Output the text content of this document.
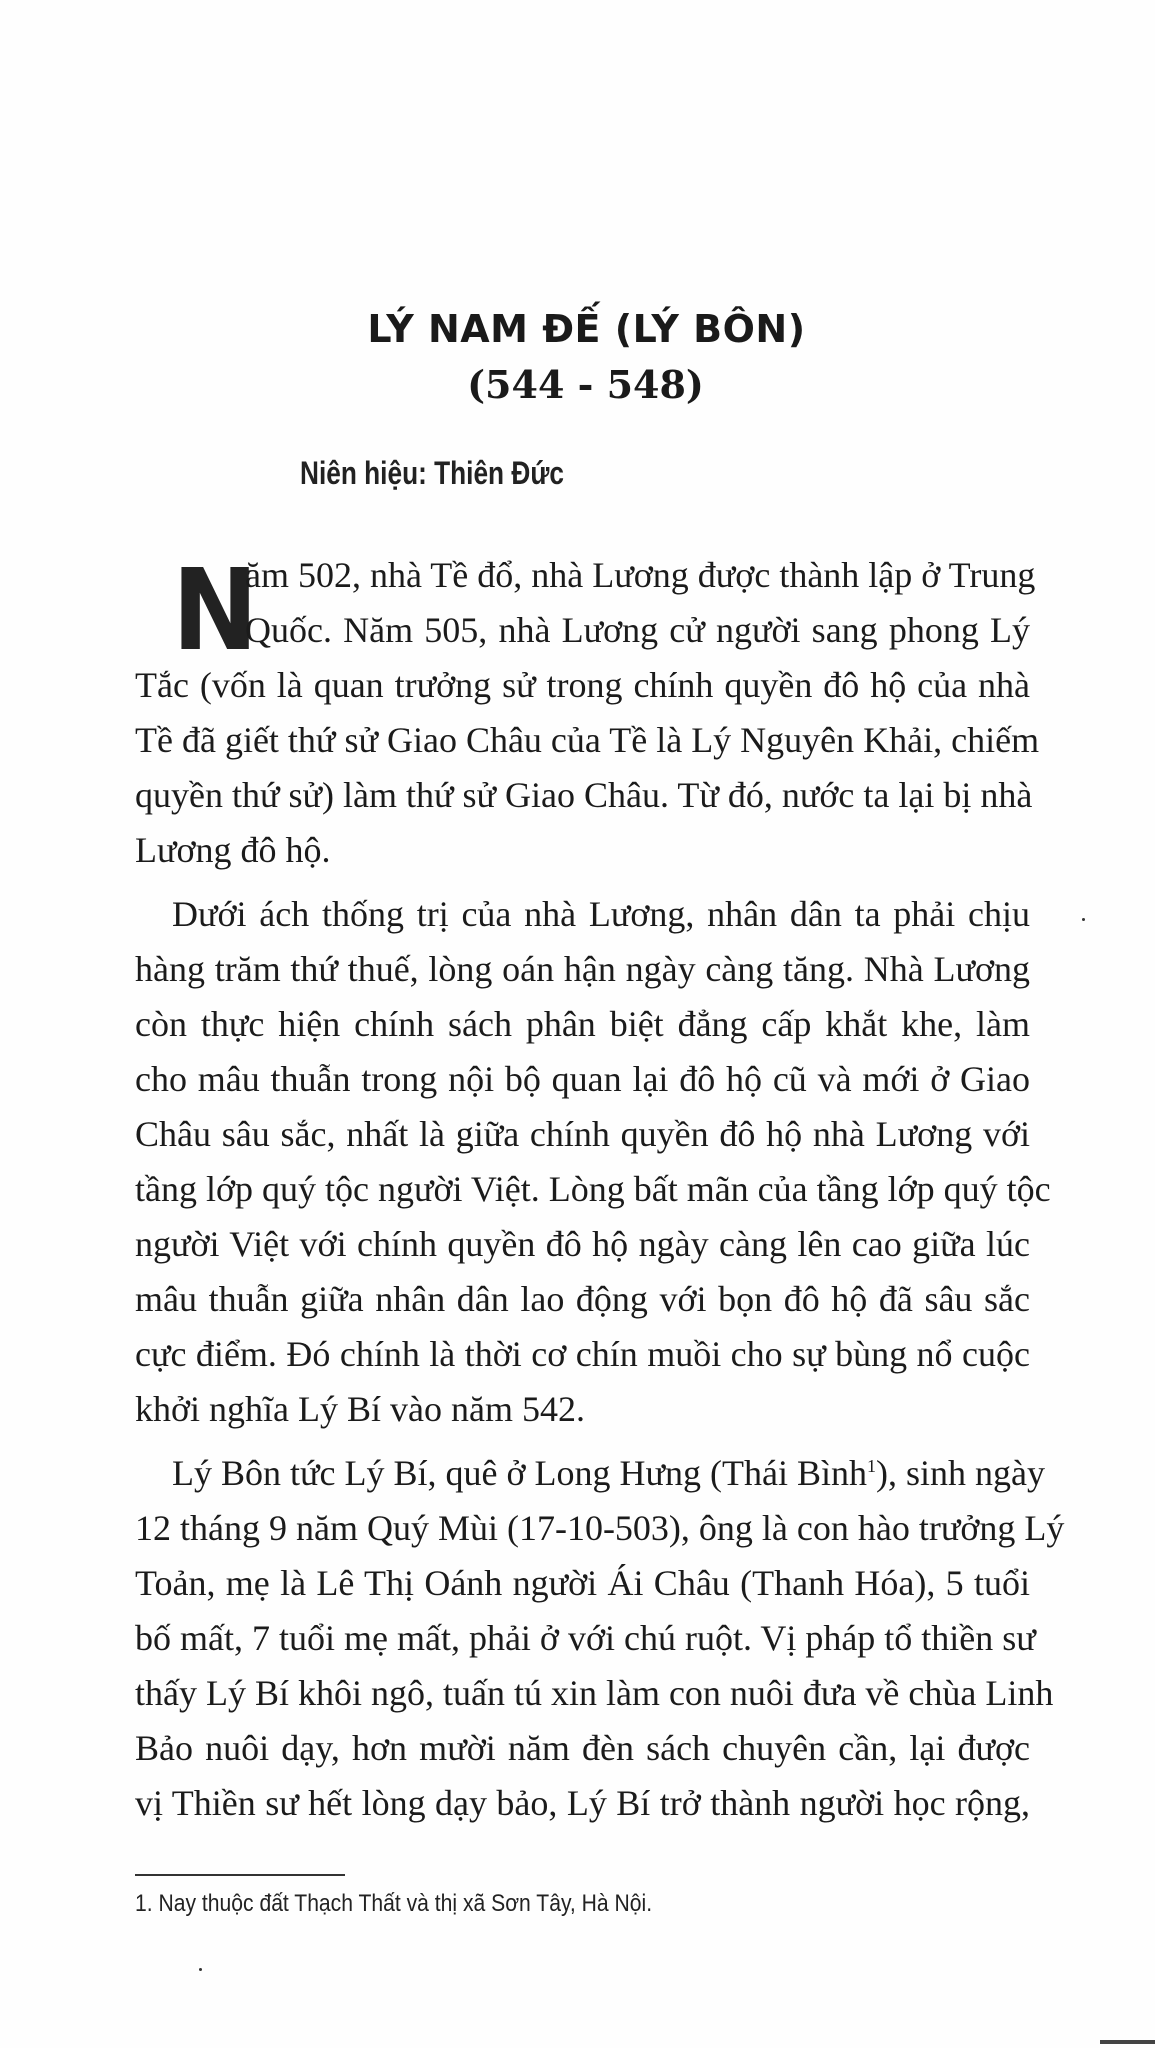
LÝ NAM ĐẾ (LÝ BÔN)
(544 - 548)
Niên hiệu: Thiên Đức
N
ăm 502, nhà Tề đổ, nhà Lương được thành lập ở Trung
Quốc. Năm 505, nhà Lương cử người sang phong Lý
Tắc (vốn là quan trưởng sử trong chính quyền đô hộ của nhà
Tề đã giết thứ sử Giao Châu của Tề là Lý Nguyên Khải, chiếm
quyền thứ sử) làm thứ sử Giao Châu. Từ đó, nước ta lại bị nhà
Lương đô hộ.
Dưới ách thống trị của nhà Lương, nhân dân ta phải chịu
hàng trăm thứ thuế, lòng oán hận ngày càng tăng. Nhà Lương
còn thực hiện chính sách phân biệt đẳng cấp khắt khe, làm
cho mâu thuẫn trong nội bộ quan lại đô hộ cũ và mới ở Giao
Châu sâu sắc, nhất là giữa chính quyền đô hộ nhà Lương với
tầng lớp quý tộc người Việt. Lòng bất mãn của tầng lớp quý tộc
người Việt với chính quyền đô hộ ngày càng lên cao giữa lúc
mâu thuẫn giữa nhân dân lao động với bọn đô hộ đã sâu sắc
cực điểm. Đó chính là thời cơ chín muồi cho sự bùng nổ cuộc
khởi nghĩa Lý Bí vào năm 542.
Lý Bôn tức Lý Bí, quê ở Long Hưng (Thái Bình$^1$), sinh ngày
12 tháng 9 năm Quý Mùi (17-10-503), ông là con hào trưởng Lý
Toản, mẹ là Lê Thị Oánh người Ái Châu (Thanh Hóa), 5 tuổi
bố mất, 7 tuổi mẹ mất, phải ở với chú ruột. Vị pháp tổ thiền sư
thấy Lý Bí khôi ngô, tuấn tú xin làm con nuôi đưa về chùa Linh
Bảo nuôi dạy, hơn mười năm đèn sách chuyên cần, lại được
vị Thiền sư hết lòng dạy bảo, Lý Bí trở thành người học rộng,
1. Nay thuộc đất Thạch Thất và thị xã Sơn Tây, Hà Nội.
